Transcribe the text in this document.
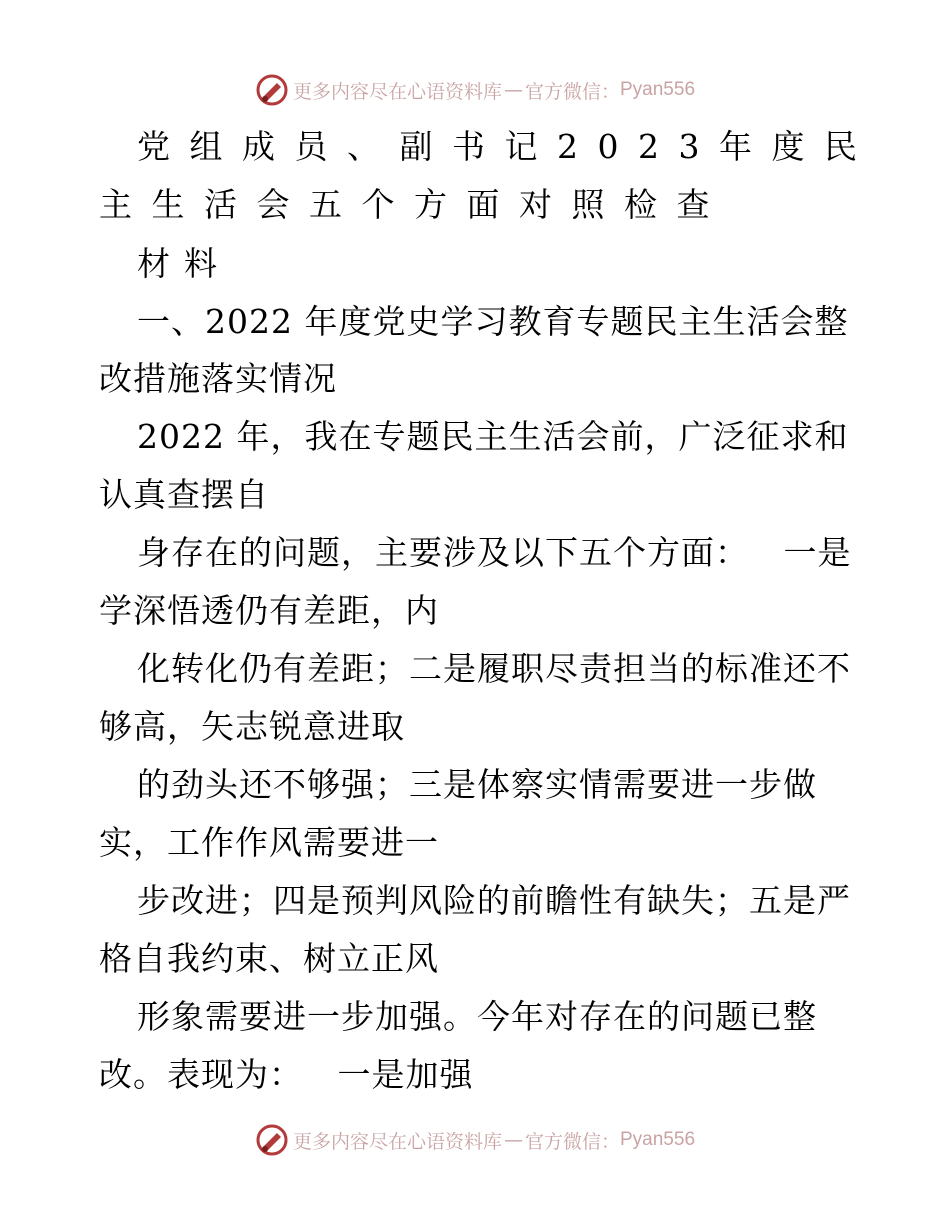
更多内容尽在心语资料库 — 官方微信： Pyan556
党组成员、副书记2023年度民
主生活会五个方面对照检查
材料
一、2022 年度党史学习教育专题民主生活会整
改措施落实情况
2022 年，我在专题民主生活会前，广泛征求和
认真查摆自
身存在的问题，主要涉及以下五个方面：   一是
学深悟透仍有差距，内
化转化仍有差距；二是履职尽责担当的标准还不
够高，矢志锐意进取
的劲头还不够强；三是体察实情需要进一步做
实，工作作风需要进一
步改进；四是预判风险的前瞻性有缺失；五是严
格自我约束、树立正风
形象需要进一步加强。今年对存在的问题已整
改。表现为：   一是加强
更多内容尽在心语资料库 — 官方微信： Pyan556
